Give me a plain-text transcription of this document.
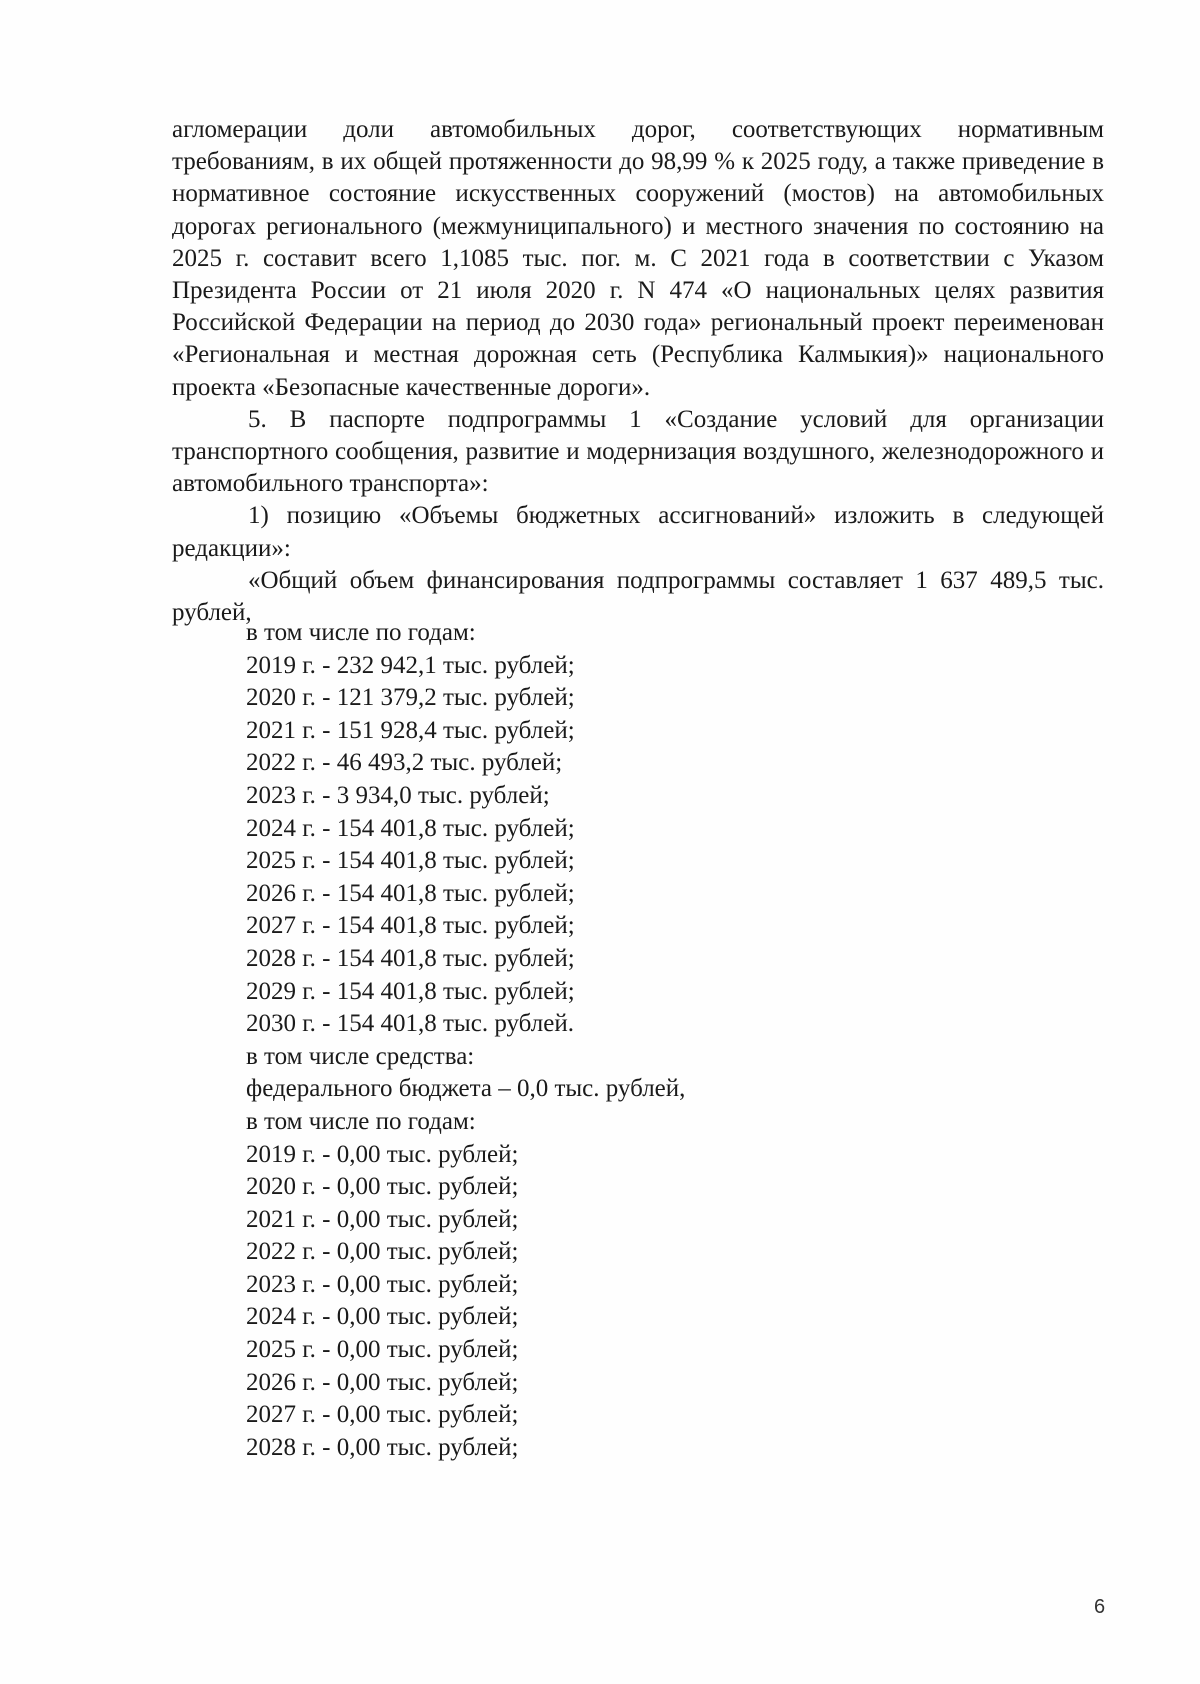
агломерации доли автомобильных дорог, соответствующих нормативным требованиям, в их общей протяженности до 98,99 % к 2025 году, а также приведение в нормативное состояние искусственных сооружений (мостов) на автомобильных дорогах регионального (межмуниципального) и местного значения по состоянию на 2025 г. составит всего 1,1085 тыс. пог. м. С 2021 года в соответствии с Указом Президента России от 21 июля 2020 г. N 474 «О национальных целях развития Российской Федерации на период до 2030 года» региональный проект переименован «Региональная и местная дорожная сеть (Республика Калмыкия)» национального проекта «Безопасные качественные дороги».

5. В паспорте подпрограммы 1 «Создание условий для организации транспортного сообщения, развитие и модернизация воздушного, железнодорожного и автомобильного транспорта»:

1) позицию «Объемы бюджетных ассигнований» изложить в следующей редакции»:

«Общий объем финансирования подпрограммы составляет 1 637 489,5 тыс. рублей,

в том числе по годам:

2019 г. - 232 942,1 тыс. рублей;

2020 г. - 121 379,2 тыс. рублей;

2021 г. - 151 928,4 тыс. рублей;

2022 г. - 46 493,2 тыс. рублей;

2023 г. - 3 934,0 тыс. рублей;

2024 г. - 154 401,8 тыс. рублей;

2025 г. - 154 401,8 тыс. рублей;

2026 г. - 154 401,8 тыс. рублей;

2027 г. - 154 401,8 тыс. рублей;

2028 г. - 154 401,8 тыс. рублей;

2029 г. - 154 401,8 тыс. рублей;

2030 г. - 154 401,8 тыс. рублей.

в том числе средства:

федерального бюджета – 0,0 тыс. рублей,

в том числе по годам:

2019 г. - 0,00 тыс. рублей;

2020 г. - 0,00 тыс. рублей;

2021 г. - 0,00 тыс. рублей;

2022 г. - 0,00 тыс. рублей;

2023 г. - 0,00 тыс. рублей;

2024 г. - 0,00 тыс. рублей;

2025 г. - 0,00 тыс. рублей;

2026 г. - 0,00 тыс. рублей;

2027 г. - 0,00 тыс. рублей;

2028 г. - 0,00 тыс. рублей;

6
